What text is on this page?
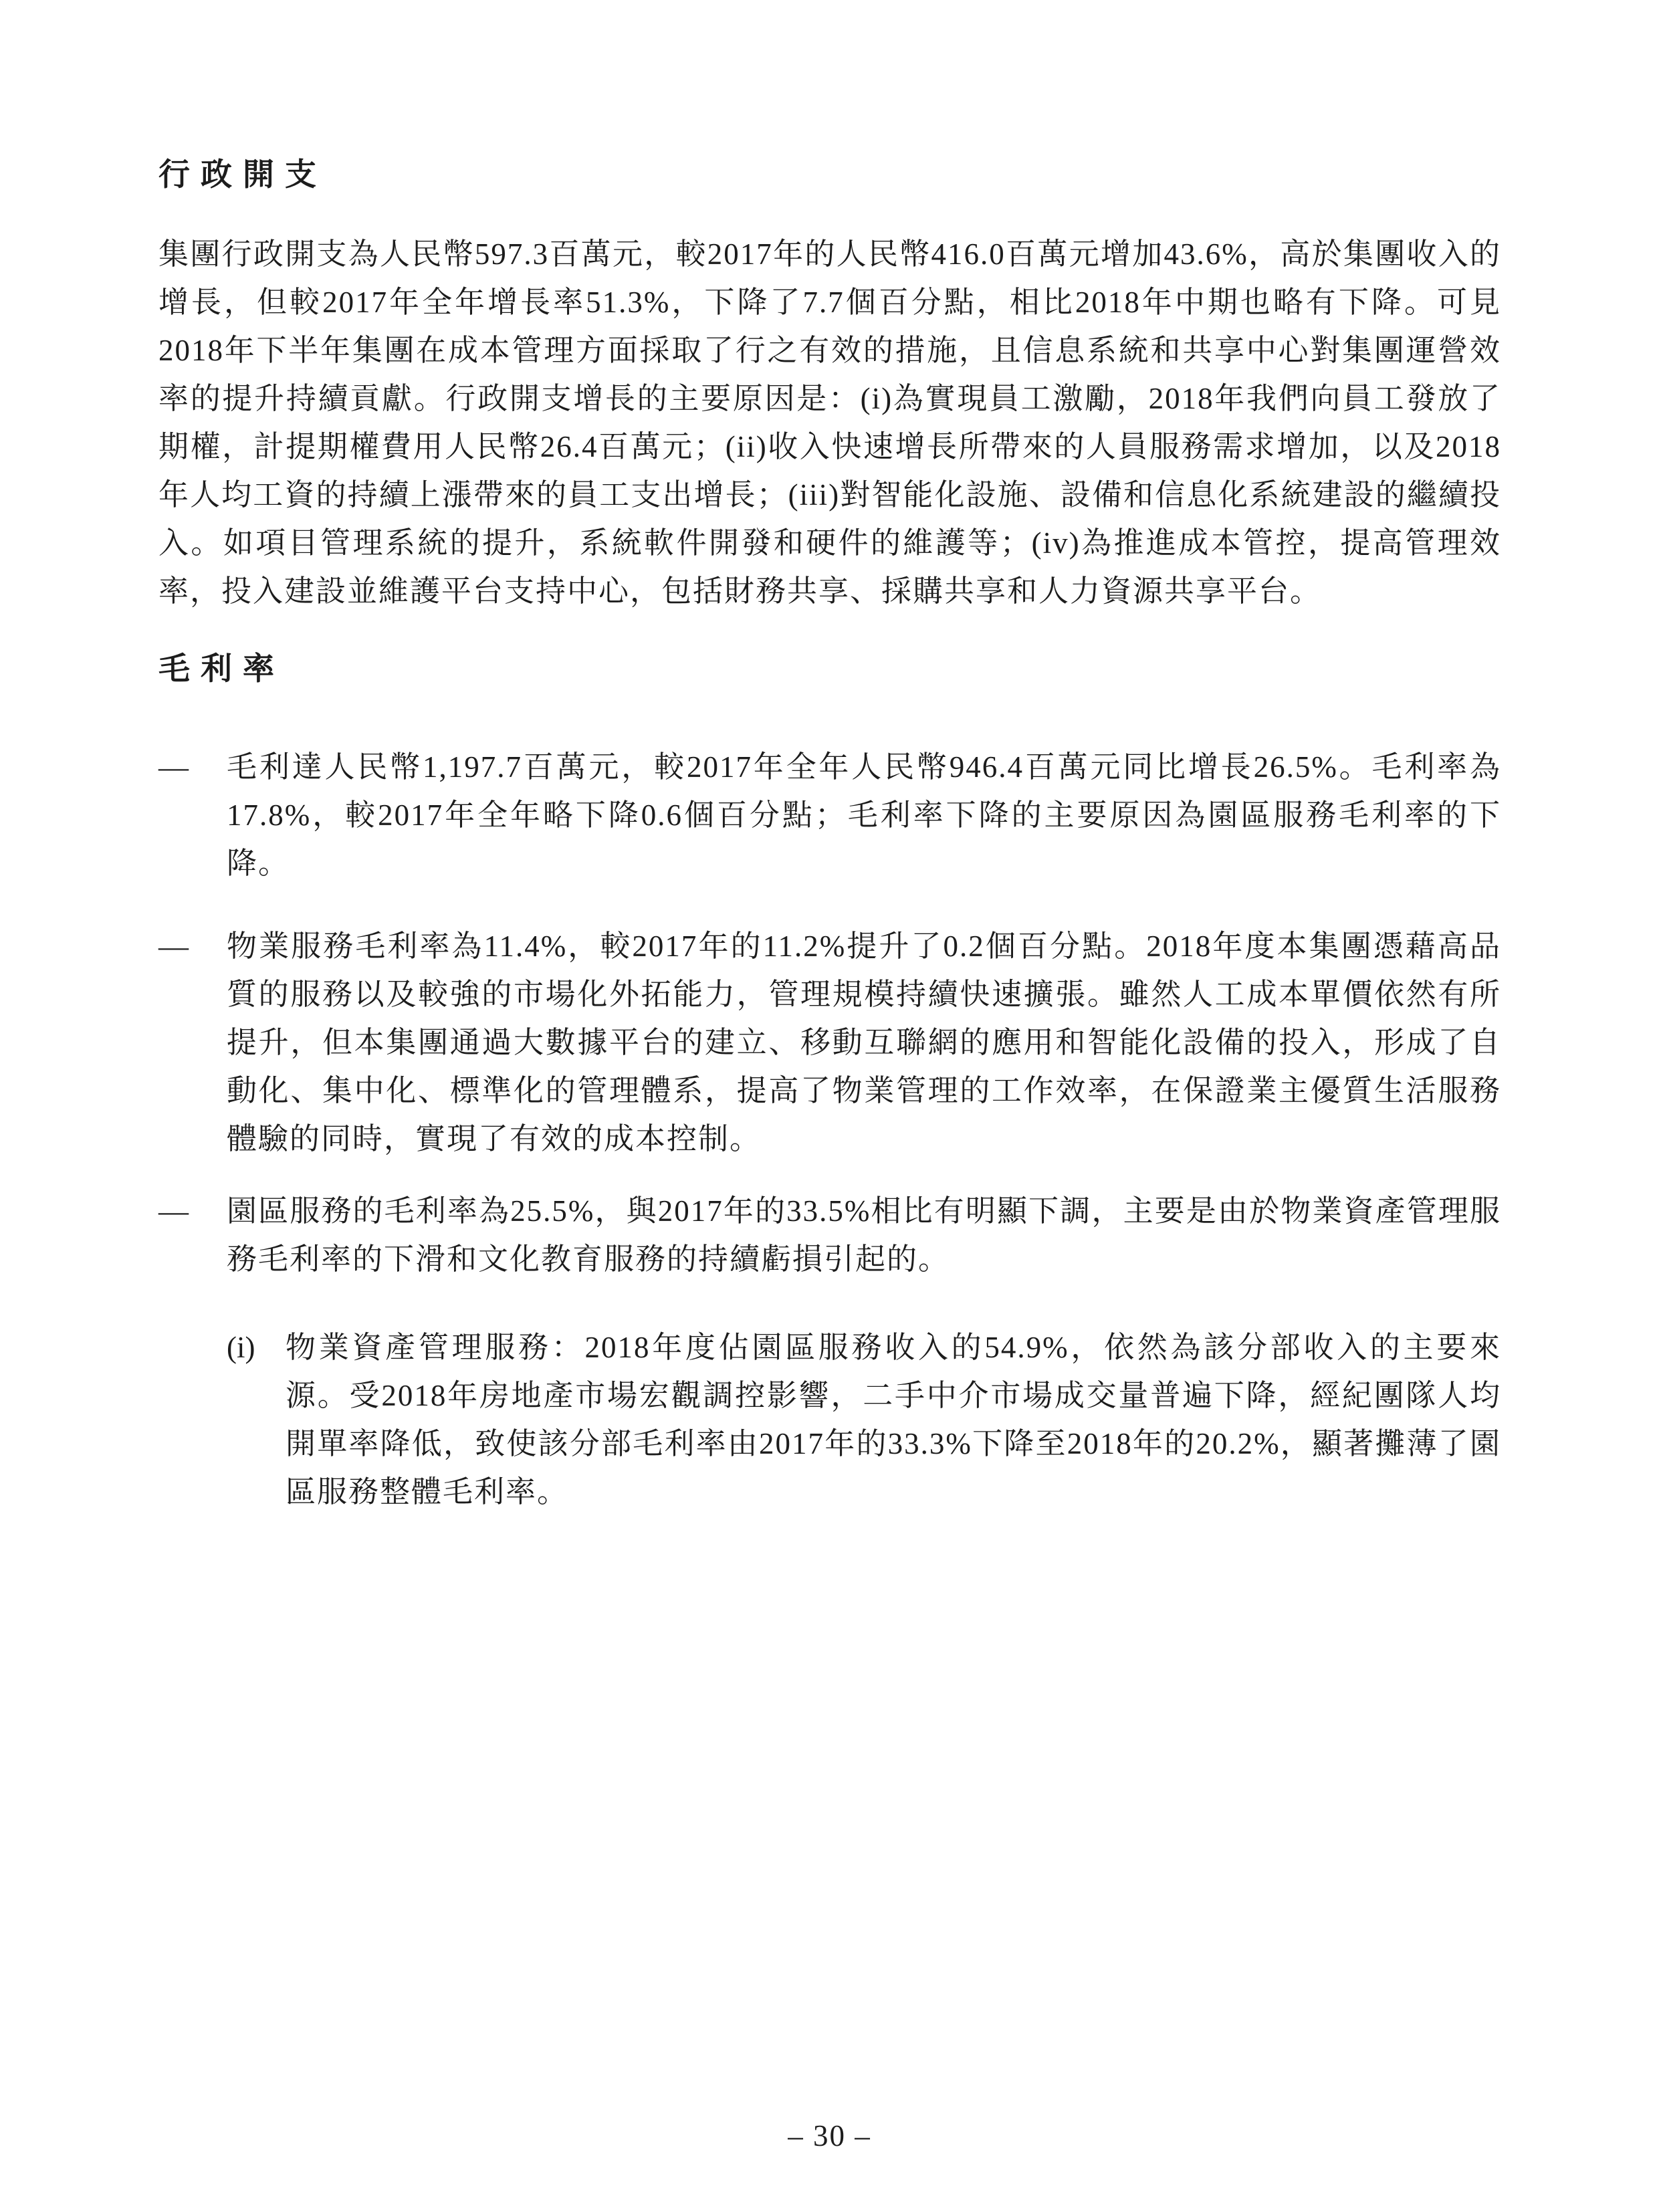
行政開支

集團行政開支為人民幣597.3百萬元，較2017年的人民幣416.0百萬元增加43.6%，高於集團收入的增長，但較2017年全年增長率51.3%，下降了7.7個百分點，相比2018年中期也略有下降。可見2018年下半年集團在成本管理方面採取了行之有效的措施，且信息系統和共享中心對集團運營效率的提升持續貢獻。行政開支增長的主要原因是：(i)為實現員工激勵，2018年我們向員工發放了期權，計提期權費用人民幣26.4百萬元；(ii)收入快速增長所帶來的人員服務需求增加，以及2018年人均工資的持續上漲帶來的員工支出增長；(iii)對智能化設施、設備和信息化系統建設的繼續投入。如項目管理系統的提升，系統軟件開發和硬件的維護等；(iv)為推進成本管控，提高管理效率，投入建設並維護平台支持中心，包括財務共享、採購共享和人力資源共享平台。

毛利率
—	毛利達人民幣1,197.7百萬元，較2017年全年人民幣946.4百萬元同比增長26.5%。毛利率為17.8%，較2017年全年略下降0.6個百分點；毛利率下降的主要原因為園區服務毛利率的下降。
—	物業服務毛利率為11.4%，較2017年的11.2%提升了0.2個百分點。2018年度本集團憑藉高品質的服務以及較強的市場化外拓能力，管理規模持續快速擴張。雖然人工成本單價依然有所提升，但本集團通過大數據平台的建立、移動互聯網的應用和智能化設備的投入，形成了自動化、集中化、標準化的管理體系，提高了物業管理的工作效率，在保證業主優質生活服務體驗的同時，實現了有效的成本控制。
—	園區服務的毛利率為25.5%，與2017年的33.5%相比有明顯下調，主要是由於物業資產管理服務毛利率的下滑和文化教育服務的持續虧損引起的。
(i)	物業資產管理服務：2018年度佔園區服務收入的54.9%，依然為該分部收入的主要來源。受2018年房地產市場宏觀調控影響，二手中介市場成交量普遍下降，經紀團隊人均開單率降低，致使該分部毛利率由2017年的33.3%下降至2018年的20.2%，顯著攤薄了園區服務整體毛利率。
– 30 –
